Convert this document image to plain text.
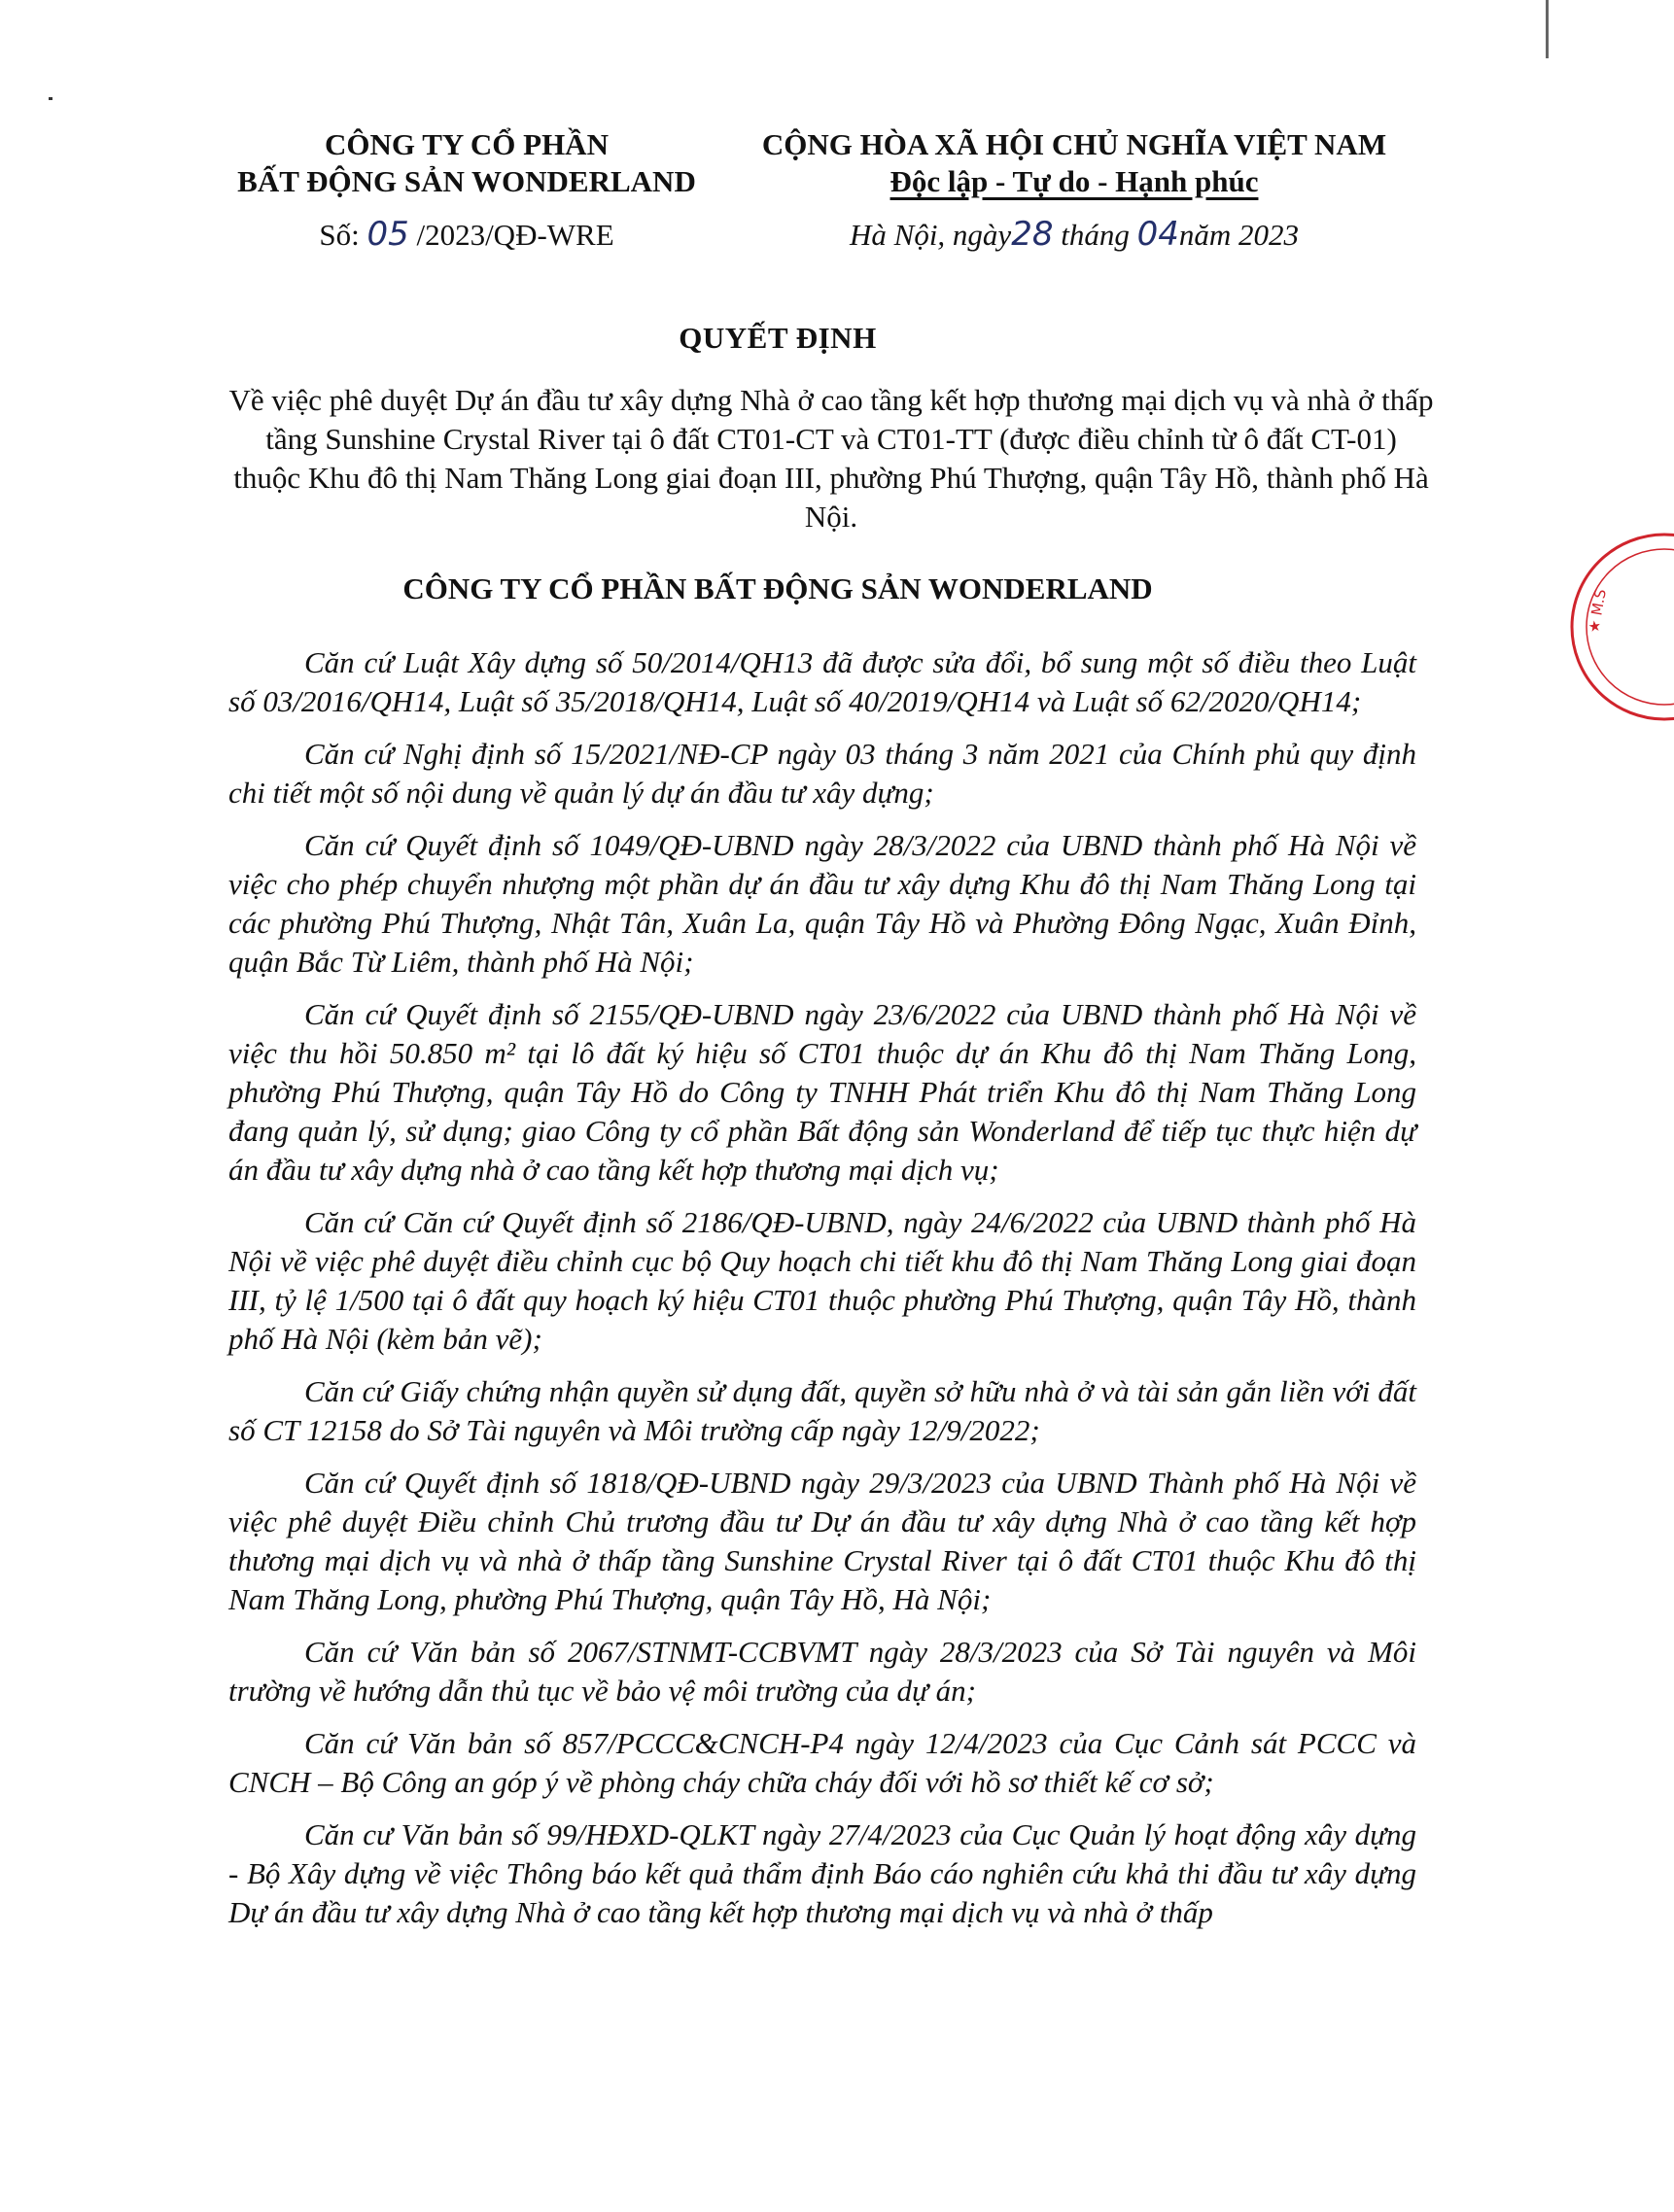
CÔNG TY CỔ PHẦN
BẤT ĐỘNG SẢN WONDERLAND
Số: 05 /2023/QĐ-WRE
CỘNG HÒA XÃ HỘI CHỦ NGHĨA VIỆT NAM
Độc lập - Tự do - Hạnh phúc
Hà Nội, ngày28 tháng 04năm 2023
QUYẾT ĐỊNH
Về việc phê duyệt Dự án đầu tư xây dựng Nhà ở cao tầng kết hợp thương mại dịch vụ và nhà ở thấp tầng Sunshine Crystal River tại ô đất CT01-CT và CT01-TT (được điều chỉnh từ ô đất CT-01) thuộc Khu đô thị Nam Thăng Long giai đoạn III, phường Phú Thượng, quận Tây Hồ, thành phố Hà Nội.
CÔNG TY CỔ PHẦN BẤT ĐỘNG SẢN WONDERLAND

Căn cứ Luật Xây dựng số 50/2014/QH13 đã được sửa đổi, bổ sung một số điều theo Luật số 03/2016/QH14, Luật số 35/2018/QH14, Luật số 40/2019/QH14 và Luật số 62/2020/QH14;

Căn cứ Nghị định số 15/2021/NĐ-CP ngày 03 tháng 3 năm 2021 của Chính phủ quy định chi tiết một số nội dung về quản lý dự án đầu tư xây dựng;

Căn cứ Quyết định số 1049/QĐ-UBND ngày 28/3/2022 của UBND thành phố Hà Nội về việc cho phép chuyển nhượng một phần dự án đầu tư xây dựng Khu đô thị Nam Thăng Long tại các phường Phú Thượng, Nhật Tân, Xuân La, quận Tây Hồ và Phường Đông Ngạc, Xuân Đỉnh, quận Bắc Từ Liêm, thành phố Hà Nội;

Căn cứ Quyết định số 2155/QĐ-UBND ngày 23/6/2022 của UBND thành phố Hà Nội về việc thu hồi 50.850 m² tại lô đất ký hiệu số CT01 thuộc dự án Khu đô thị Nam Thăng Long, phường Phú Thượng, quận Tây Hồ do Công ty TNHH Phát triển Khu đô thị Nam Thăng Long đang quản lý, sử dụng; giao Công ty cổ phần Bất động sản Wonderland để tiếp tục thực hiện dự án đầu tư xây dựng nhà ở cao tầng kết hợp thương mại dịch vụ;

Căn cứ Căn cứ Quyết định số 2186/QĐ-UBND, ngày 24/6/2022 của UBND thành phố Hà Nội về việc phê duyệt điều chỉnh cục bộ Quy hoạch chi tiết khu đô thị Nam Thăng Long giai đoạn III, tỷ lệ 1/500 tại ô đất quy hoạch ký hiệu CT01 thuộc phường Phú Thượng, quận Tây Hồ, thành phố Hà Nội (kèm bản vẽ);

Căn cứ Giấy chứng nhận quyền sử dụng đất, quyền sở hữu nhà ở và tài sản gắn liền với đất số CT 12158 do Sở Tài nguyên và Môi trường cấp ngày 12/9/2022;

Căn cứ Quyết định số 1818/QĐ-UBND ngày 29/3/2023 của UBND Thành phố Hà Nội về việc phê duyệt Điều chỉnh Chủ trương đầu tư Dự án đầu tư xây dựng Nhà ở cao tầng kết hợp thương mại dịch vụ và nhà ở thấp tầng Sunshine Crystal River tại ô đất CT01 thuộc Khu đô thị Nam Thăng Long, phường Phú Thượng, quận Tây Hồ, Hà Nội;

Căn cứ Văn bản số 2067/STNMT-CCBVMT ngày 28/3/2023 của Sở Tài nguyên và Môi trường về hướng dẫn thủ tục về bảo vệ môi trường của dự án;

Căn cứ Văn bản số 857/PCCC&CNCH-P4 ngày 12/4/2023 của Cục Cảnh sát PCCC và CNCH – Bộ Công an góp ý về phòng cháy chữa cháy đối với hồ sơ thiết kế cơ sở;

Căn cư Văn bản số 99/HĐXD-QLKT ngày 27/4/2023 của Cục Quản lý hoạt động xây dựng - Bộ Xây dựng về việc Thông báo kết quả thẩm định Báo cáo nghiên cứu khả thi đầu tư xây dựng Dự án đầu tư xây dựng Nhà ở cao tầng kết hợp thương mại dịch vụ và nhà ở thấp

★ M.S
